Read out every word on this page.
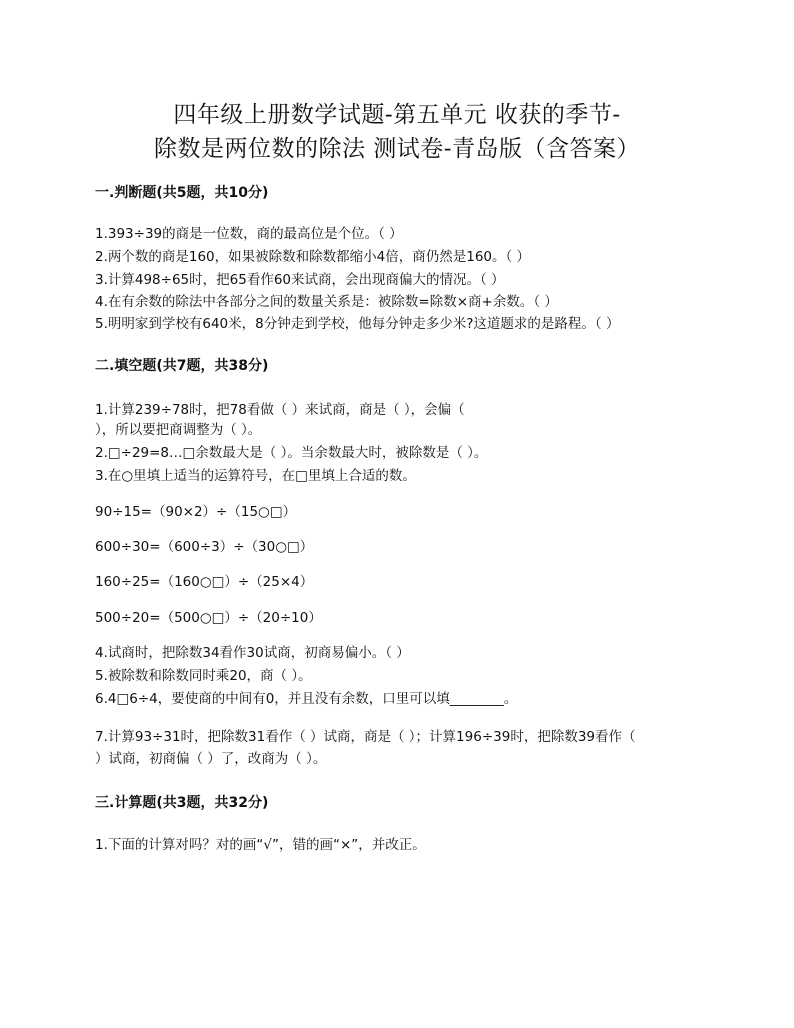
四年级上册数学试题-第五单元 收获的季节-
除数是两位数的除法 测试卷-青岛版（含答案）
一.判断题(共5题，共10分)
1.393÷39的商是一位数，商的最高位是个位。（ ）
2.两个数的商是160，如果被除数和除数都缩小4倍，商仍然是160。（ ）
3.计算498÷65时，把65看作60来试商，会出现商偏大的情况。（ ）
4.在有余数的除法中各部分之间的数量关系是：被除数=除数×商+余数。（ ）
5.明明家到学校有640米，8分钟走到学校，他每分钟走多少米?这道题求的是路程。（ ）
二.填空题(共7题，共38分)
1.计算239÷78时，把78看做（ ）来试商，商是（ ），会偏（
），所以要把商调整为（ ）。
2.□÷29=8…□余数最大是（ ）。当余数最大时，被除数是（ ）。
3.在○里填上适当的运算符号，在□里填上合适的数。
90÷15=（90×2）÷（15○□）
600÷30=（600÷3）÷（30○□）
160÷25=（160○□）÷（25×4）
500÷20=（500○□）÷（20÷10）
4.试商时，把除数34看作30试商，初商易偏小。（ ）
5.被除数和除数同时乘20，商（ ）。
6.4□6÷4，要使商的中间有0，并且没有余数，口里可以填________。
7.计算93÷31时，把除数31看作（ ）试商，商是（ ）；计算196÷39时，把除数39看作（
）试商，初商偏（ ）了，改商为（ ）。
三.计算题(共3题，共32分)
1.下面的计算对吗？对的画“√”，错的画“×”，并改正。
